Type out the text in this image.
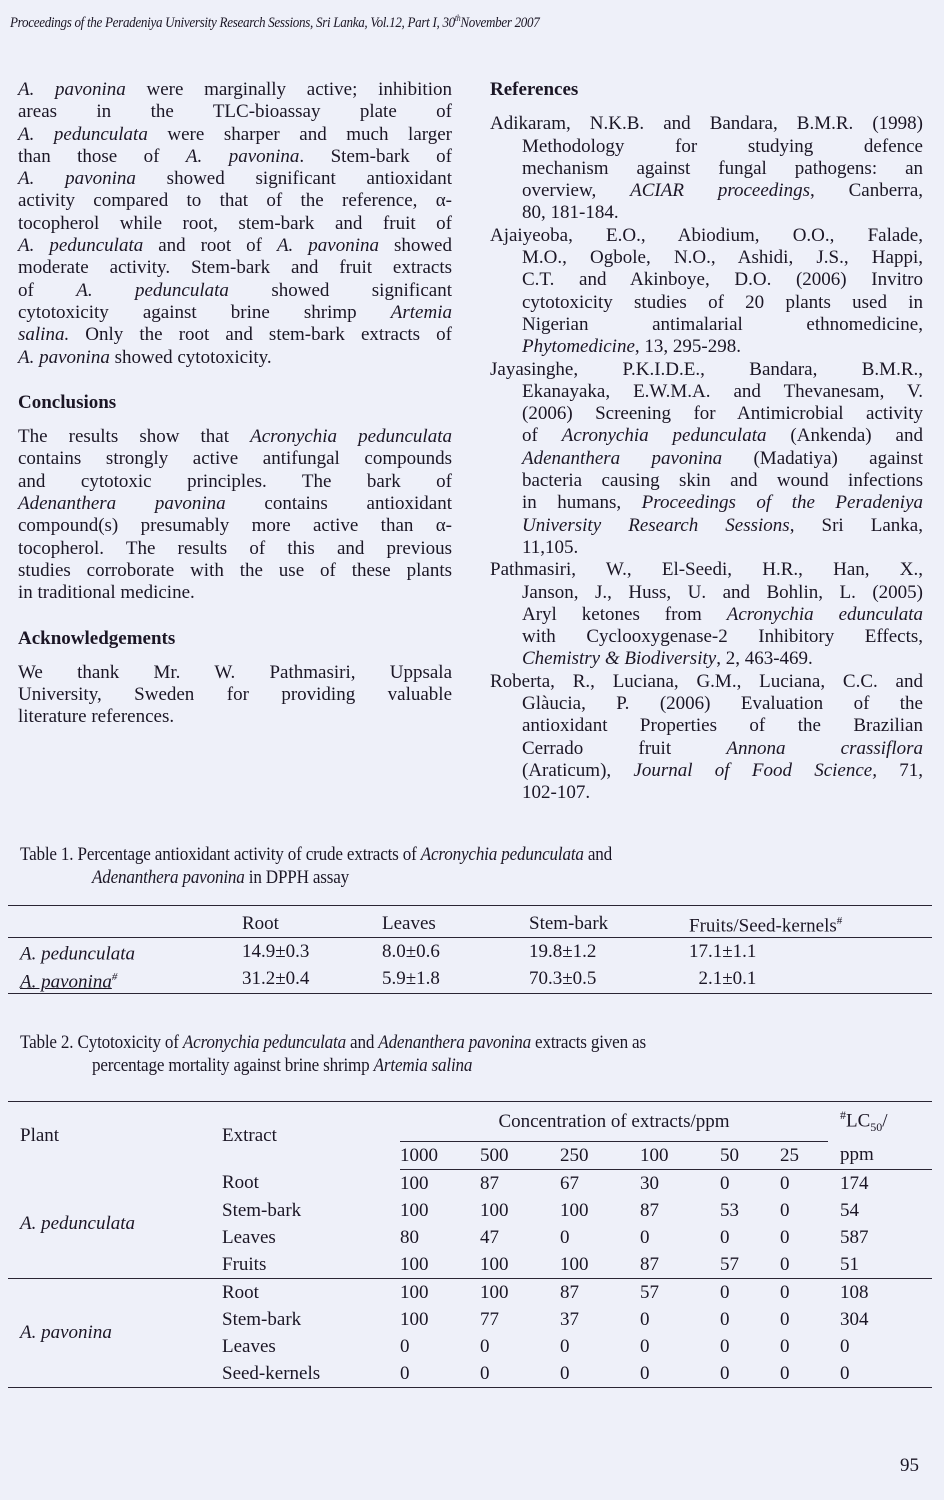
Proceedings of the Peradeniya University Research Sessions, Sri Lanka, Vol.12, Part I, 30thNovember 2007

A. pavonina were marginally active; inhibition

areas in the TLC-bioassay plate of

A. pedunculata were sharper and much larger

than those of A. pavonina. Stem-bark of

A. pavonina showed significant antioxidant

activity compared to that of the reference, α-

tocopherol while root, stem-bark and fruit of

A. pedunculata and root of A. pavonina showed

moderate activity. Stem-bark and fruit extracts

of A. pedunculata showed significant

cytotoxicity against brine shrimp Artemia

salina. Only the root and stem-bark extracts of

A. pavonina showed cytotoxicity.

Conclusions

The results show that Acronychia pedunculata

contains strongly active antifungal compounds

and cytotoxic principles. The bark of

Adenanthera pavonina contains antioxidant

compound(s) presumably more active than α-

tocopherol. The results of this and previous

studies corroborate with the use of these plants

in traditional medicine.

Acknowledgements

We thank Mr. W. Pathmasiri, Uppsala

University, Sweden for providing valuable

literature references.

References

Adikaram, N.K.B. and Bandara, B.M.R. (1998)
Methodology for studying defence
mechanism against fungal pathogens: an
overview, ACIAR proceedings, Canberra,
80, 181-184.
Ajaiyeoba, E.O., Abiodium, O.O., Falade,
M.O., Ogbole, N.O., Ashidi, J.S., Happi,
C.T. and Akinboye, D.O. (2006) Invitro
cytotoxicity studies of 20 plants used in
Nigerian antimalarial ethnomedicine,
Phytomedicine, 13, 295-298.
Jayasinghe, P.K.I.D.E., Bandara, B.M.R.,
Ekanayaka, E.W.M.A. and Thevanesam, V.
(2006) Screening for Antimicrobial activity
of Acronychia pedunculata (Ankenda) and
Adenanthera pavonina (Madatiya) against
bacteria causing skin and wound infections
in humans, Proceedings of the Peradeniya
University Research Sessions, Sri Lanka,
11,105.
Pathmasiri, W., El-Seedi, H.R., Han, X.,
Janson, J., Huss, U. and Bohlin, L. (2005)
Aryl ketones from Acronychia edunculata
with Cyclooxygenase-2 Inhibitory Effects,
Chemistry & Biodiversity, 2, 463-469.
Roberta, R., Luciana, G.M., Luciana, C.C. and
Glàucia, P. (2006) Evaluation of the
antioxidant Properties of the Brazilian
Cerrado fruit Annona crassiflora
(Araticum), Journal of Food Science, 71,
102-107.
Table 1. Percentage antioxidant activity of crude extracts of Acronychia pedunculata and
Adenanthera pavonina in DPPH assay

	Root	Leaves	Stem-bark	Fruits/Seed-kernels#
A. pedunculata	14.9±0.3	8.0±0.6	19.8±1.2	17.1±1.1
A. pavonina#	31.2±0.4	5.9±1.8	70.3±0.5	2.1±0.1
Table 2. Cytotoxicity of Acronychia pedunculata and Adenanthera pavonina extracts given as
percentage mortality against brine shrimp Artemia salina
Plant	Extract	Concentration of extracts/ppm						$^{\#}LC_{50}/$
		1000	500	250	100	50	25	ppm
A. pedunculata	Root	100	87	67	30	0	0	174
	Stem-bark	100	100	100	87	53	0	54
	Leaves	80	47	0	0	0	0	587
	Fruits	100	100	100	87	57	0	51
A. pavonina	Root	100	100	87	57	0	0	108
	Stem-bark	100	77	37	0	0	0	304
	Leaves	0	0	0	0	0	0	0
	Seed-kernels	0	0	0	0	0	0	0
95
